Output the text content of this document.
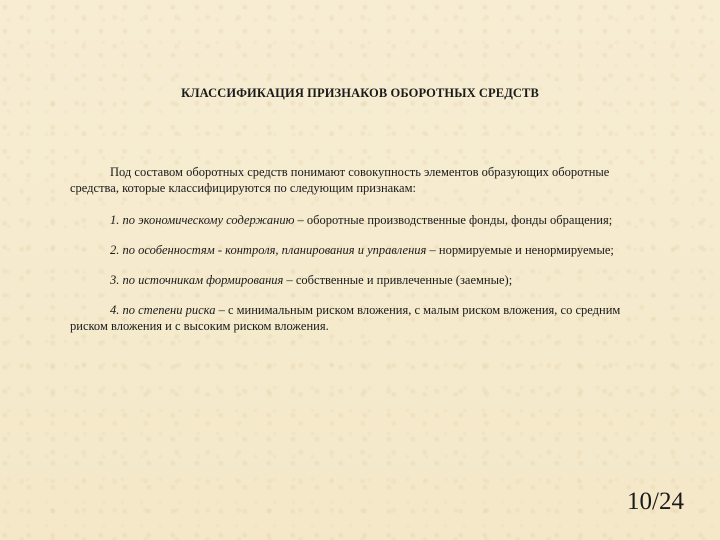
КЛАССИФИКАЦИЯ ПРИЗНАКОВ ОБОРОТНЫХ СРЕДСТВ

Под составом оборотных средств понимают совокупность элементов образующих оборотные средства, которые классифицируются по следующим признакам:

1. по экономическому содержанию – оборотные производственные фонды, фонды обращения;

2. по особенностям - контроля, планирования и управления – нормируемые и ненормируемые;

3. по источникам формирования – собственные и привлеченные (заемные);

4. по степени риска – с минимальным риском вложения, с малым риском вложения, со средним риском вложения и с высоким риском вложения.

10/24
